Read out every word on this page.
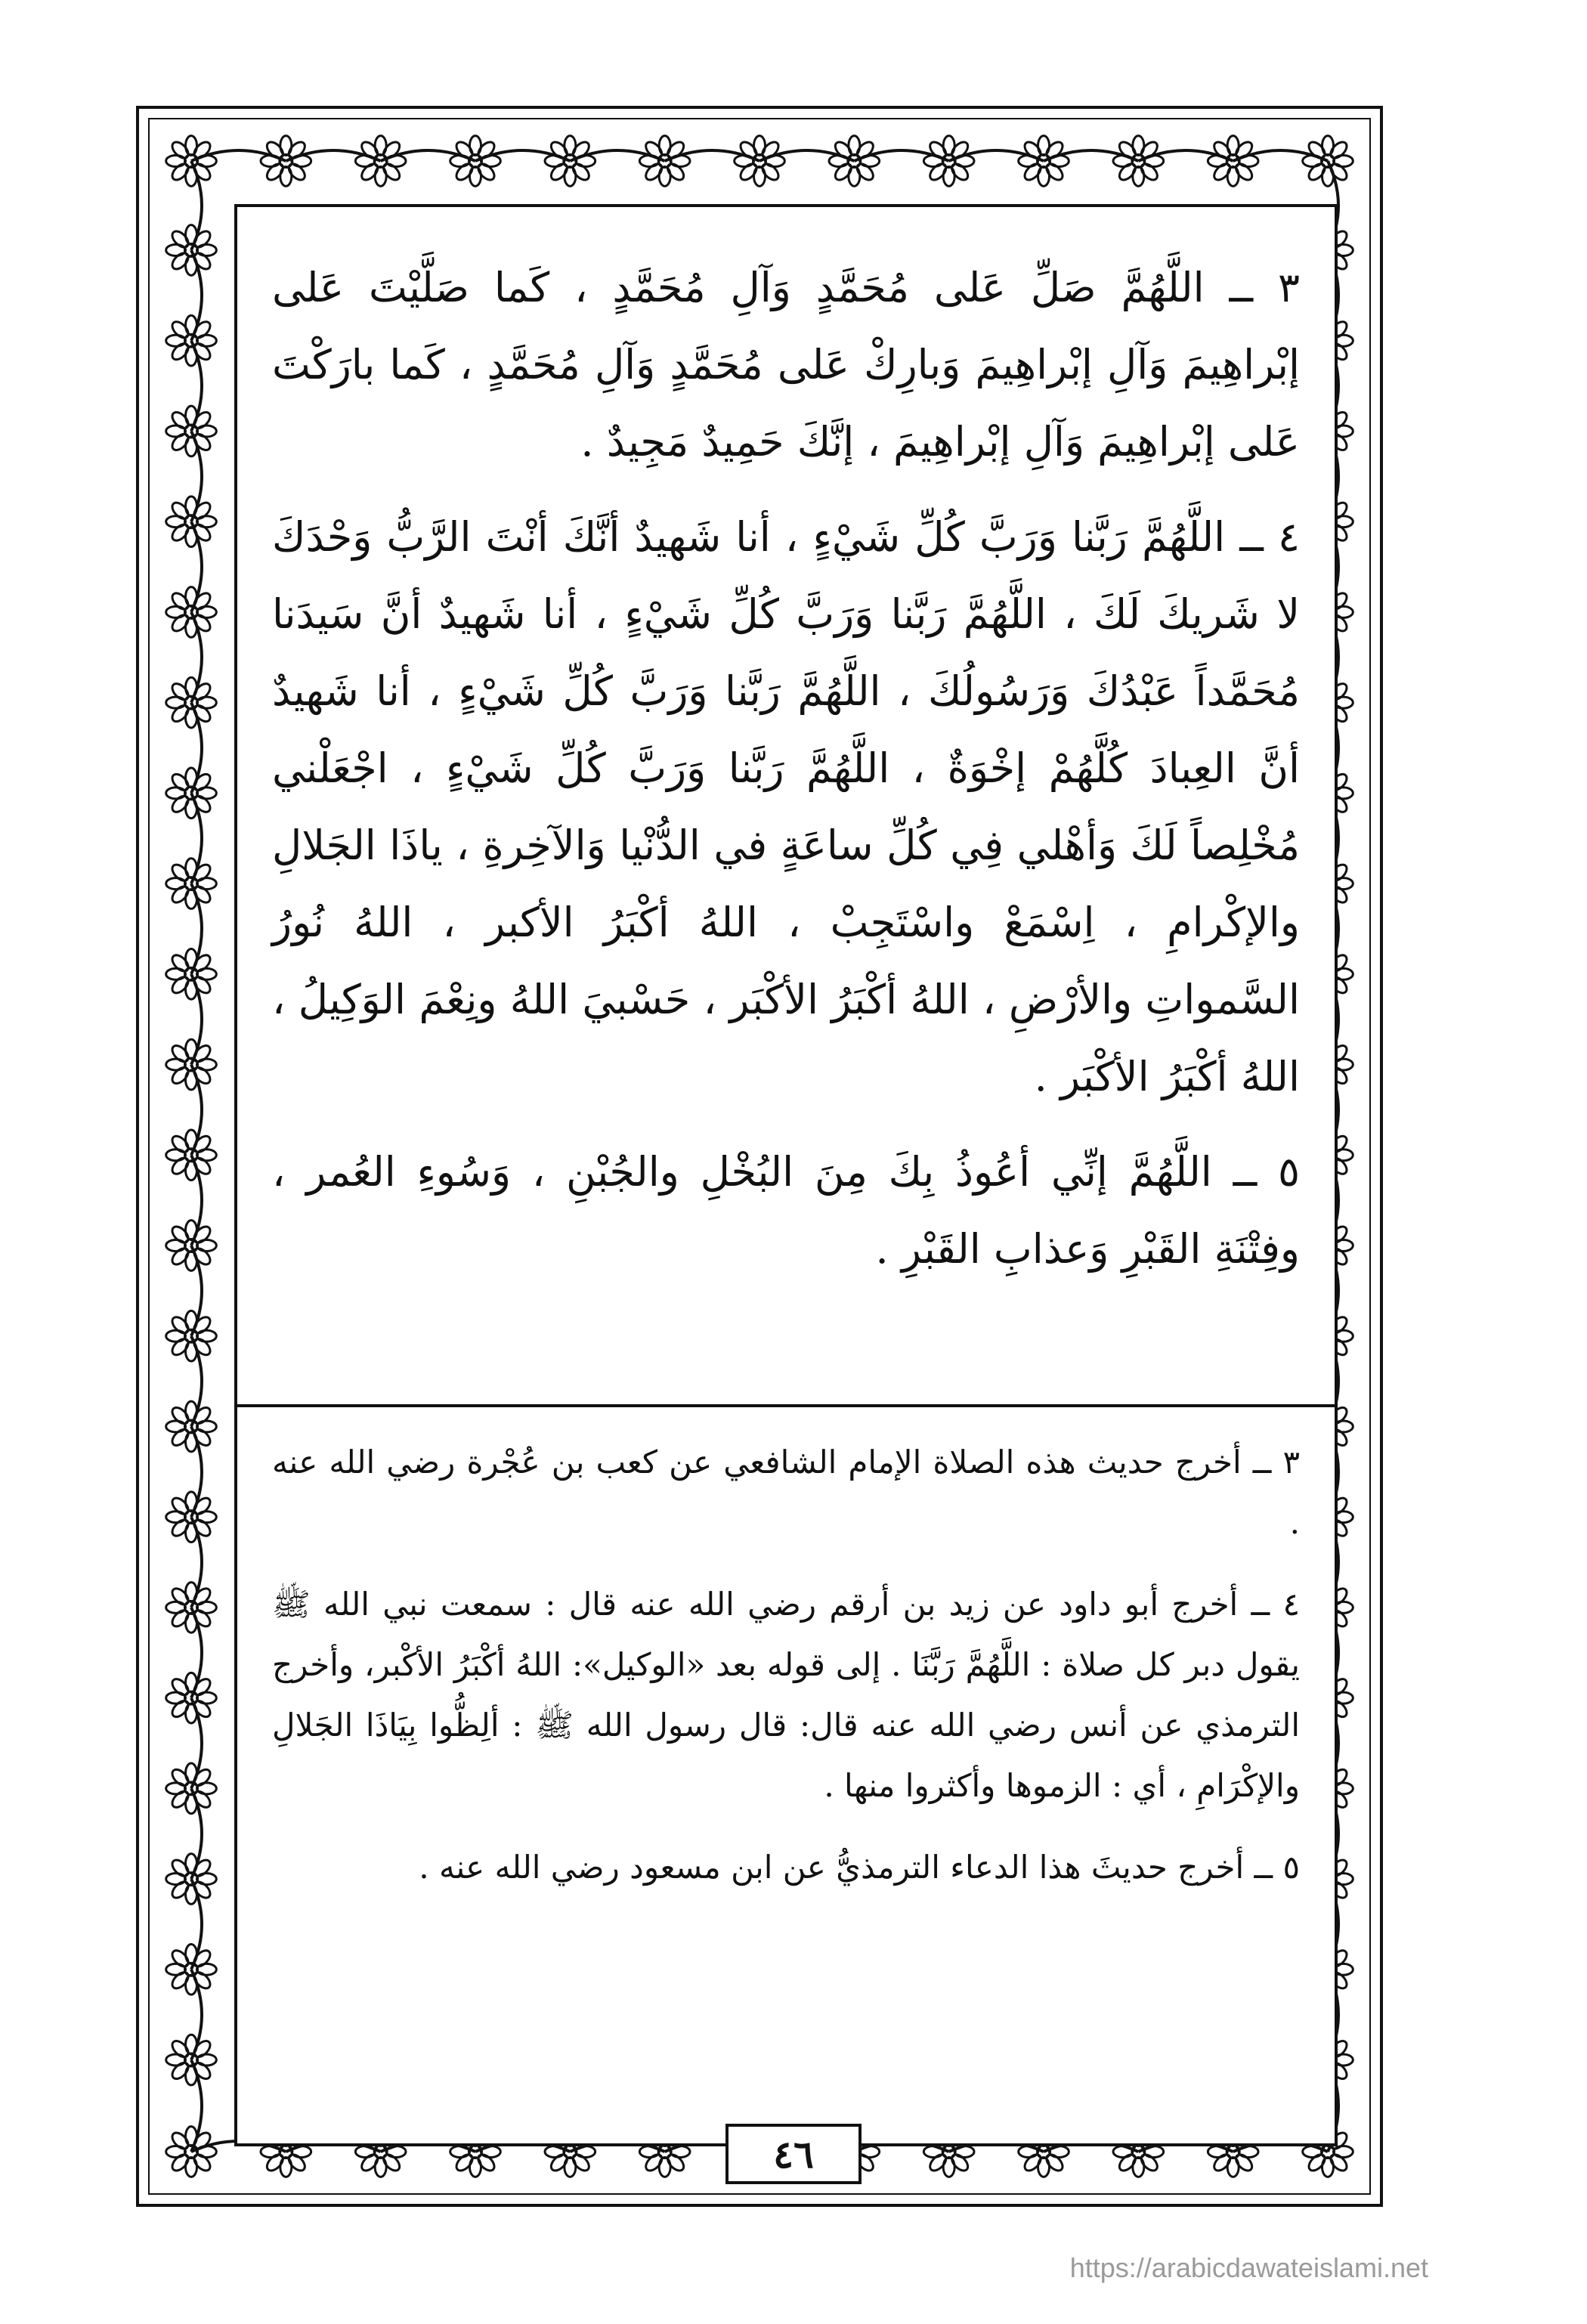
٣ ــ اللَّهُمَّ صَلِّ عَلى مُحَمَّدٍ وَآلِ مُحَمَّدٍ ، كَما صَلَّيْتَ عَلى إبْراهِيمَ وَآلِ إبْراهِيمَ وَبارِكْ عَلى مُحَمَّدٍ وَآلِ مُحَمَّدٍ ، كَما بارَكْتَ عَلى إبْراهِيمَ وَآلِ إبْراهِيمَ ، إنَّكَ حَمِيدٌ مَجِيدٌ .

٤ ــ اللَّهُمَّ رَبَّنا وَرَبَّ كُلِّ شَيْءٍ ، أنا شَهيدٌ أنَّكَ أنْتَ الرَّبُّ وَحْدَكَ لا شَريكَ لَكَ ، اللَّهُمَّ رَبَّنا وَرَبَّ كُلِّ شَيْءٍ ، أنا شَهيدٌ أنَّ سَيدَنا مُحَمَّداً عَبْدُكَ وَرَسُولُكَ ، اللَّهُمَّ رَبَّنا وَرَبَّ كُلِّ شَيْءٍ ، أنا شَهيدٌ أنَّ العِبادَ كُلَّهُمْ إخْوَةٌ ، اللَّهُمَّ رَبَّنا وَرَبَّ كُلِّ شَيْءٍ ، اجْعَلْني مُخْلِصاً لَكَ وَأهْلي فِي كُلِّ ساعَةٍ في الدُّنْيا وَالآخِرةِ ، ياذَا الجَلالِ والإكْرامِ ، اِسْمَعْ واسْتَجِبْ ، اللهُ أكْبَرُ الأكبر ، اللهُ نُورُ السَّمواتِ والأرْضِ ، اللهُ أكْبَرُ الأكْبَر ، حَسْبيَ اللهُ ونِعْمَ الوَكِيلُ ، اللهُ أكْبَرُ الأكْبَر .

٥ ــ اللَّهُمَّ إنِّي أعُوذُ بِكَ مِنَ البُخْلِ والجُبْنِ ، وَسُوءِ العُمر ، وفِتْنَةِ القَبْرِ وَعذابِ القَبْرِ .

٣ ــ أخرج حديث هذه الصلاة الإمام الشافعي عن كعب بن عُجْرة رضي الله عنه .

٤ ــ أخرج أبو داود عن زيد بن أرقم رضي الله عنه قال : سمعت نبي الله ﷺ يقول دبر كل صلاة : اللَّهُمَّ رَبَّنَا . إلى قوله بعد «الوكيل»: اللهُ أكْبَرُ الأكْبر، وأخرج الترمذي عن أنس رضي الله عنه قال: قال رسول الله ﷺ : ألِظُّوا بِيَاذَا الجَلالِ والإكْرَامِ ، أي : الزموها وأكثروا منها .

٥ ــ أخرج حديثَ هذا الدعاء الترمذيُّ عن ابن مسعود رضي الله عنه .

٤٦
https://arabicdawateislami.net
